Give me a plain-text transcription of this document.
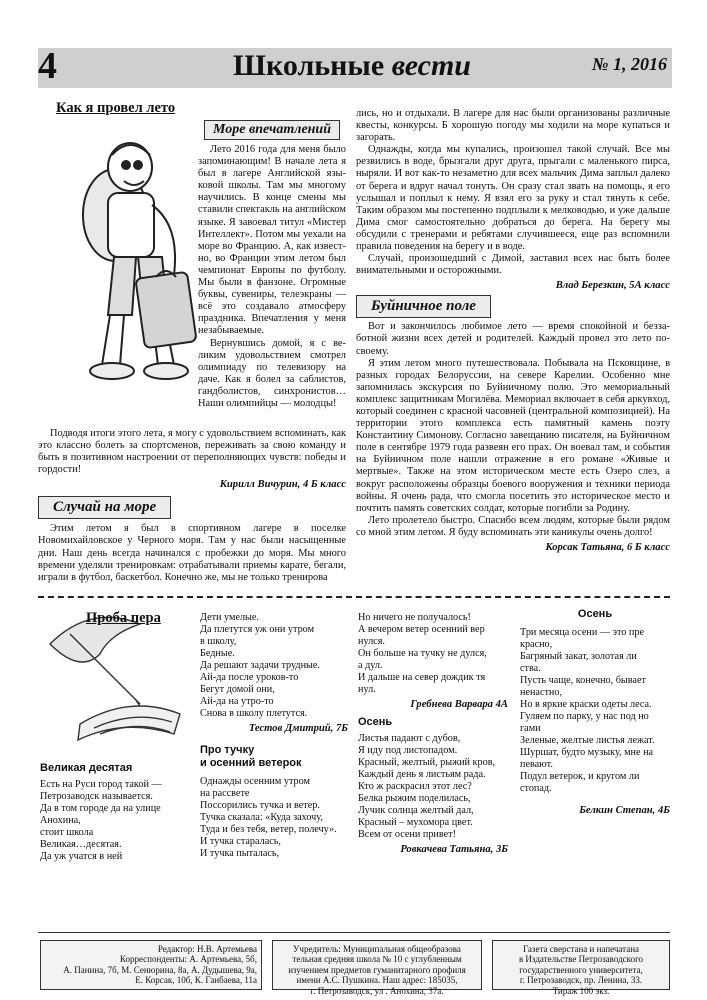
4	Школьные вести	№ 1, 2016
Как я провел лето
Море впечатлений

Лето 2016 года для меня было запоминающим! В начале лета я был в лагере Английской языковой школы. Там мы многому научились. В конце смены мы ставили спектакль на английском языке. Я завоевал титул «Мистер Интеллект». Потом мы уехали на море во Францию. А, как известно, во Франции этим летом был чемпионат Европы по футболу. Мы были в фанзоне. Огромные буквы, сувениры, телеэкраны — всё это создавало атмосферу праздника. Впечатления у меня незабываемые.

Вернувшись домой, я с великим удовольствием смотрел олимпиаду по телевизору на даче. Как я болел за саблистов, гандболистов, синхронистов… Наши олимпийцы — молодцы!

Подводя итоги этого лета, я могу с удовольствием вспоминать, как это классно болеть за спортсменов, переживать за свою команду и быть в позитивном настроении от переполняющих чувств: победы и гордости!

Кирилл Вичурин, 4 Б класс

Случай на море

Этим летом я был в спортивном лагере в поселке Новомихайловское у Черного моря. Там у нас были насыщенные дни. Наш день всегда начинался с пробежки до моря. Мы много времени уделяли тренировкам: отрабатывали приемы карате, бегали, играли в футбол, баскетбол. Конечно же, мы не только тренирова

лись, но и отдыхали. В лагере для нас были организованы различные квесты, конкурсы. Б хорошую погоду мы ходили на море купаться и загорать.

Однажды, когда мы купались, произошел такой случай. Все мы резвились в воде, брызгали друг друга, прыгали с маленького пирса, ныряли. И вот как-то незаметно для всех мальчик Дима заплыл далеко от берега и вдруг начал тонуть. Он сразу стал звать на помощь, я его услышал и поплыл к нему. Я взял его за руку и стал тянуть к себе. Таким образом мы постепенно подплыли к мелководью, и уже дальше Дима смог самостоятельно добраться до берега. На берегу мы обсудили с тренерами и ребятами случившееся, еще раз вспомнили правила поведения на берегу и в воде.

Случай, произошедший с Димой, заставил всех нас быть более внимательными и осторожными.

Влад Березкин, 5А класс

Буйничное поле

Вот и закончилось любимое лето — время спокойной и беззаботной жизни всех детей и родителей. Каждый провел это лето по-своему.

Я этим летом много путешествовала. Побывала на Псковщине, в разных городах Белоруссии, на севере Карелии. Особенно мне запомнилась экскурсия по Буйничному полю. Это мемориальный комплекс защитникам Могилёва. Мемориал включает в себя аркувход, который соединен с красной часовней (центральной композицией). На территории этого комплекса есть памятный камень поэту Константину Симонову. Согласно завещанию писателя, на Буйничном поле в сентябре 1979 года развеян его прах. Он воевал там, и события на Буйничном поле нашли отражение в его романе «Живые и мертвые». Также на этом историческом месте есть Озеро слез, а вокруг расположены образцы боевого вооружения и техники периода войны. Я очень рада, что смогла посетить это историческое место и почтить память советских солдат, которые погибли за Родину.

Лето пролетело быстро. Спасибо всем людям, которые были рядом со мной этим летом. Я буду вспоминать эти каникулы очень долго!

Корсак Татьяна, 6 Б класс

Проба пера
Великая десятая
Есть на Руси город такой —
Петрозаводск называется.
Да в том городе да на улице
Анохина,
стоит школа
Великая…десятая.
Да уж учатся в ней
Дети умелые.
Да плетутся уж они утром
в школу,
Бедные.
Да решают задачи трудные.
Ай-да после уроков-то
Бегут домой они,
Ай-да на утро-то
Снова в школу плетутся.

Тестов Дмитрий, 7Б

Про тучку
и осенний ветерок
Однажды осенним утром
на рассвете
Поссорились тучка и ветер.
Тучка сказала: «Куда захочу,
Туда и без тебя, ветер, полечу».
И тучка старалась,
И тучка пыталась,
Но ничего не получалось!
А вечером ветер осенний вер
нулся.
Он больше на тучку не дулся,
а дул.
И дальше на север дождик тя
нул.

Гребнева Варвара 4А

Осень
Листья падают с дубов,
Я иду под листопадом.
Красный, желтый, рыжий кров,
Каждый день я листьям рада.
Кто ж раскрасил этот лес?
Белка рыжим поделилась,
Лучик солнца желтый дал,
Красный – мухомора цвет.
Всем от осени привет!

Ровкачева Татьяна, 3Б

Осень
Три месяца осени — это пре
красно,
Багряный закат, золотая ли
ства.
Пусть чаще, конечно, бывает
ненастно,
Но в яркие краски одеты леса.
Гуляем по парку, у нас под но
гами
Зеленые, желтые листья лежат.
Шуршат, будто музыку, мне на
певают.
Подул ветерок, и кругом ли
стопад.

Белкин Степан, 4Б

Редактор: Н.В. Артемьева
Корреспонденты: А. Артемьева, 5б,
А. Панина, 7б, М. Сенюрина, 8а, А. Дудышева, 9а,
Е. Корсак, 10б, К. Ганбаева, 11а
Учредитель: Муниципальная общеобразова
тельная средняя школа № 10 с углубленным
изучением предметов гуманитарного профиля
имени А.С. Пушкина. Наш адрес: 185035,
г. Петрозаводск, ул . Анохина, 37а.
Газета сверстана и напечатана
в Издательстве Петрозаводского
государственного университета,
г. Петрозаводск, пр. Ленина, 33.
Тираж 100 экз.
